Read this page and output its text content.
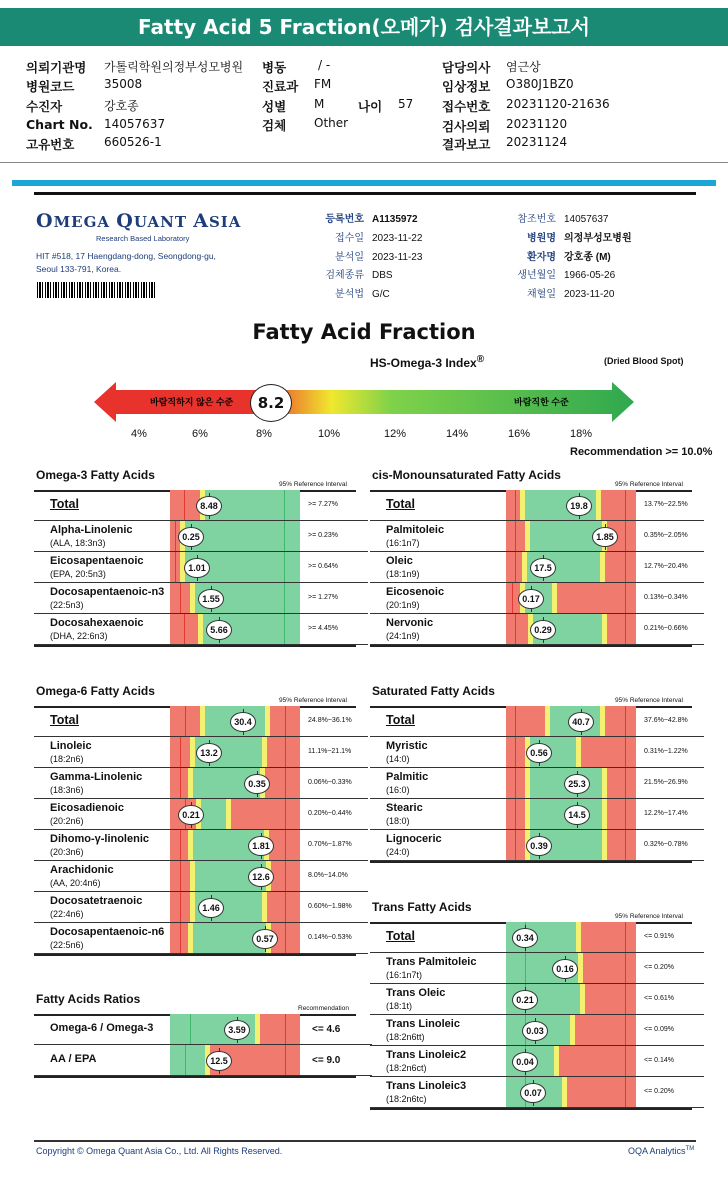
Fatty Acid 5 Fraction(오메가) 검사결과보고서
의뢰기관명 가톨릭학원의정부성모병원
병원코드 35008
수진자	강호종
Chart No. 14057637
고유번호 660526-1
병동	/ -
진료과 FM
성별 M	나이 57
검체 Other
담당의사 염근상
임상정보 O380J1BZ0
접수번호 20231120-21636
검사의뢰 20231120
결과보고 20231124
OMEGA QUANT ASIA
Research Based Laboratory
HIT #518, 17 Haengdang-dong, Seongdong-gu,
Seoul 133-791, Korea.
등록번호 A1135972
접수일 2023-11-22
분석일 2023-11-23
검체종류 DBS
분석법 G/C
참조번호 14057637
병원명 의정부성모병원
환자명 강호종 (M)
생년월일 1966-05-26
채혈일 2023-11-20
Fatty Acid Fraction
HS-Omega-3 Index®	(Dried Blood Spot)
바람직하지 않은 수준	바람직한 수준
8.2
4%	6%	8%	10%	12%	14%	16%	18%
Recommendation >= 10.0%
Omega-3 Fatty Acids
95% Reference Interval
Total	8.48	>= 7.27%
Alpha-Linolenic
(ALA, 18:3n3)
0.25	>= 0.23%
Eicosapentaenoic
(EPA, 20:5n3)
1.01	>= 0.64%
Docosapentaenoic-n3
(22:5n3)
1.55	>= 1.27%
Docosahexaenoic
(DHA, 22:6n3)
5.66	>= 4.45%
cis-Monounsaturated Fatty Acids
95% Reference Interval
Total	19.8	13.7%~22.5%
Palmitoleic
(16:1n7)
1.85	0.35%~2.05%
Oleic
(18:1n9)
17.5	12.7%~20.4%
Eicosenoic
(20:1n9)
0.17	0.13%~0.34%
Nervonic
(24:1n9)
0.29	0.21%~0.66%
Omega-6 Fatty Acids
95% Reference Interval
Total	30.4	24.8%~36.1%
Linoleic
(18:2n6)
13.2	11.1%~21.1%
Gamma-Linolenic
(18:3n6)
0.35	0.06%~0.33%
Eicosadienoic
(20:2n6)
0.21	0.20%~0.44%
Dihomo-γ-linolenic
(20:3n6)
1.81	0.70%~1.87%
Arachidonic
(AA, 20:4n6)
12.6	8.0%~14.0%
Docosatetraenoic
(22:4n6)
1.46	0.60%~1.98%
Docosapentaenoic-n6
(22:5n6)
0.57	0.14%~0.53%
Saturated Fatty Acids
95% Reference Interval
Total	40.7	37.6%~42.8%
Myristic
(14:0)
0.56	0.31%~1.22%
Palmitic
(16:0)
25.3	21.5%~26.9%
Stearic
(18:0)
14.5	12.2%~17.4%
Lignoceric
(24:0)
0.39	0.32%~0.78%
Trans Fatty Acids
95% Reference Interval
Total	0.34	<= 0.91%
Trans Palmitoleic
(16:1n7t)
0.16	<= 0.20%
Trans Oleic
(18:1t)
0.21	<= 0.61%
Trans Linoleic
(18:2n6tt)
0.03	<= 0.09%
Trans Linoleic2
(18:2n6ct)
0.04	<= 0.14%
Trans Linoleic3
(18:2n6tc)
0.07	<= 0.20%
Fatty Acids Ratios
Recommendation
Omega-6 / Omega-3	3.59	<= 4.6
AA / EPA	12.5	<= 9.0
Copyright © Omega Quant Asia Co., Ltd. All Rights Reserved.	OQA Analytics™
